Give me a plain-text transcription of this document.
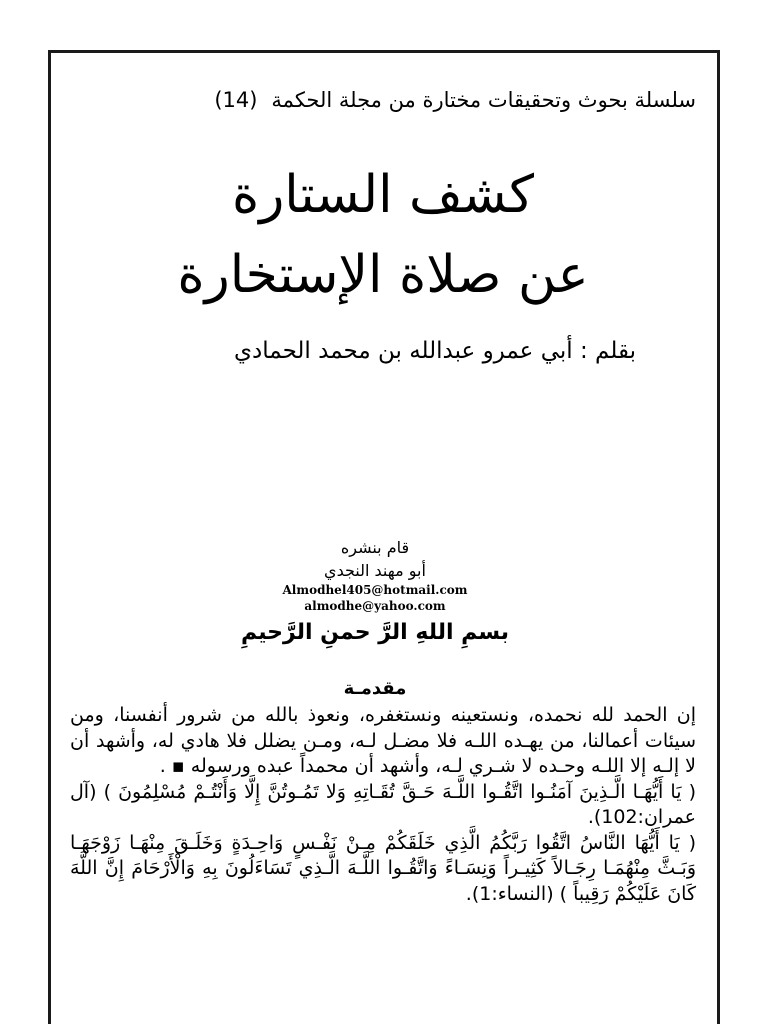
سلسلة بحوث وتحقيقات مختارة من مجلة الحكمة(14)
كشف الستارة
عن صلاة الإستخارة
بقلم : أبي عمرو عبدالله بن محمد الحمادي
قام بنشره
أبو مهند النجدي
Almodhel405@hotmail.com
almodhe@yahoo.com
بسمِ اللهِ الرَّ حمنِ الرَّحيمِ
مقدمـة

إن الحمد لله نحمده، ونستعينه ونستغفره، ونعوذ بالله من شرور أنفسنا، ومن سيئات أعمالنا، من يهـده اللـه فلا مضـل لـه، ومـن يضلل فلا هادي له، وأشهد أن لا إلـه إلا اللـه وحـده لا شـري لـه، وأشهد أن محمداً عبده ورسوله ▪ .

( يَا أَيُّهَـا الَّـذِينَ آمَنُـوا اتَّقُـوا اللَّـهَ حَـقَّ تُقَـاتِهِ وَلا تَمُـوتُنَّ إِلَّا وَأَنْتُـمْ مُسْلِمُونَ ) (آل عمران:102).

( يَا أَيُّهَا النَّاسُ اتَّقُوا رَبَّكُمُ الَّذِي خَلَقَكُمْ مِـنْ نَفْـسٍ وَاحِـدَةٍ وَخَلَـقَ مِنْهَـا زَوْجَهَـا وَبَـثَّ مِنْهُمَـا رِجَـالاً كَثِيـراً وَنِسَـاءً وَاتَّقُـوا اللَّـهَ الَّـذِي تَسَاءَلُونَ بِهِ وَالْأَرْحَامَ إِنَّ اللَّهَ كَانَ عَلَيْكُمْ رَقِيباً ) (النساء:1).
